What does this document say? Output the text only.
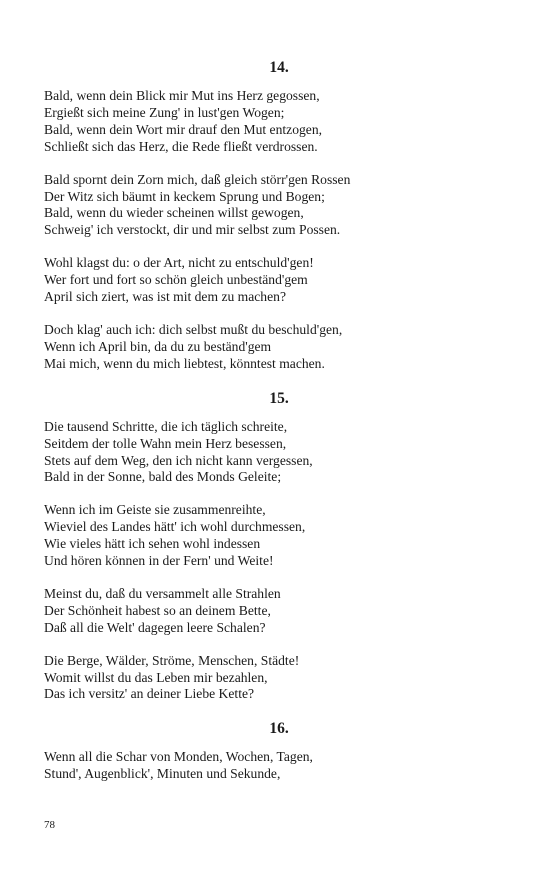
14.
Bald, wenn dein Blick mir Mut ins Herz gegossen,
Ergießt sich meine Zung' in lust'gen Wogen;
Bald, wenn dein Wort mir drauf den Mut entzogen,
Schließt sich das Herz, die Rede fließt verdrossen.
Bald spornt dein Zorn mich, daß gleich störr'gen Rossen
Der Witz sich bäumt in keckem Sprung und Bogen;
Bald, wenn du wieder scheinen willst gewogen,
Schweig' ich verstockt, dir und mir selbst zum Possen.
Wohl klagst du: o der Art, nicht zu entschuld'gen!
Wer fort und fort so schön gleich unbeständ'gem
April sich ziert, was ist mit dem zu machen?
Doch klag' auch ich: dich selbst mußt du beschuld'gen,
Wenn ich April bin, da du zu beständ'gem
Mai mich, wenn du mich liebtest, könntest machen.
15.
Die tausend Schritte, die ich täglich schreite,
Seitdem der tolle Wahn mein Herz besessen,
Stets auf dem Weg, den ich nicht kann vergessen,
Bald in der Sonne, bald des Monds Geleite;
Wenn ich im Geiste sie zusammenreihte,
Wieviel des Landes hätt' ich wohl durchmessen,
Wie vieles hätt ich sehen wohl indessen
Und hören können in der Fern' und Weite!
Meinst du, daß du versammelt alle Strahlen
Der Schönheit habest so an deinem Bette,
Daß all die Welt' dagegen leere Schalen?
Die Berge, Wälder, Ströme, Menschen, Städte!
Womit willst du das Leben mir bezahlen,
Das ich versitz' an deiner Liebe Kette?
16.
Wenn all die Schar von Monden, Wochen, Tagen,
Stund', Augenblick', Minuten und Sekunde,
78
